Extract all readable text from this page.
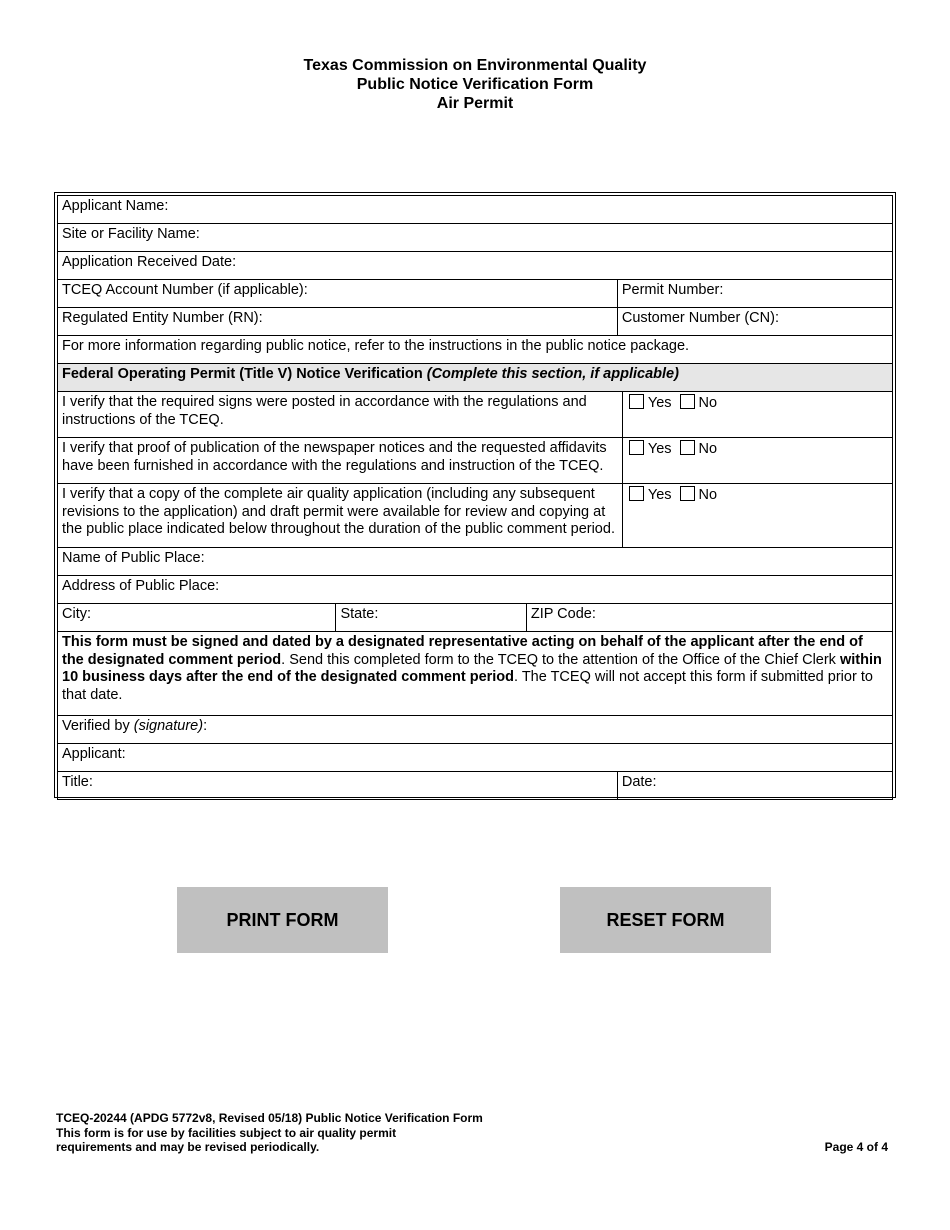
Texas Commission on Environmental Quality
Public Notice Verification Form
Air Permit
Applicant Name:				
Site or Facility Name:				
Application Received Date:				
TCEQ Account Number (if applicable):			Permit Number:	
Regulated Entity Number (RN):			Customer Number (CN):	
For more information regarding public notice, refer to the instructions in the public notice package.				
Federal Operating Permit (Title V) Notice Verification (Complete this section, if applicable)				
I verify that the required signs were posted in accordance with the regulations and instructions of the TCEQ.				Yes No
I verify that proof of publication of the newspaper notices and the requested affidavits have been furnished in accordance with the regulations and instruction of the TCEQ.				Yes No
I verify that a copy of the complete air quality application (including any subsequent revisions to the application) and draft permit were available for review and copying at the public place indicated below throughout the duration of the public comment period.				Yes No
Name of Public Place:				
Address of Public Place:				
City:	State:	ZIP Code:		
This form must be signed and dated by a designated representative acting on behalf of the applicant after the end of the designated comment period. Send this completed form to the TCEQ to the attention of the Office of the Chief Clerk within 10 business days after the end of the designated comment period. The TCEQ will not accept this form if submitted prior to that date.				
Verified by (signature):				
Applicant:				
Title:			Date:	
PRINT FORM	RESET FORM
TCEQ-20244 (APDG 5772v8, Revised 05/18) Public Notice Verification Form
This form is for use by facilities subject to air quality permit
requirements and may be revised periodically.	Page 4 of 4
